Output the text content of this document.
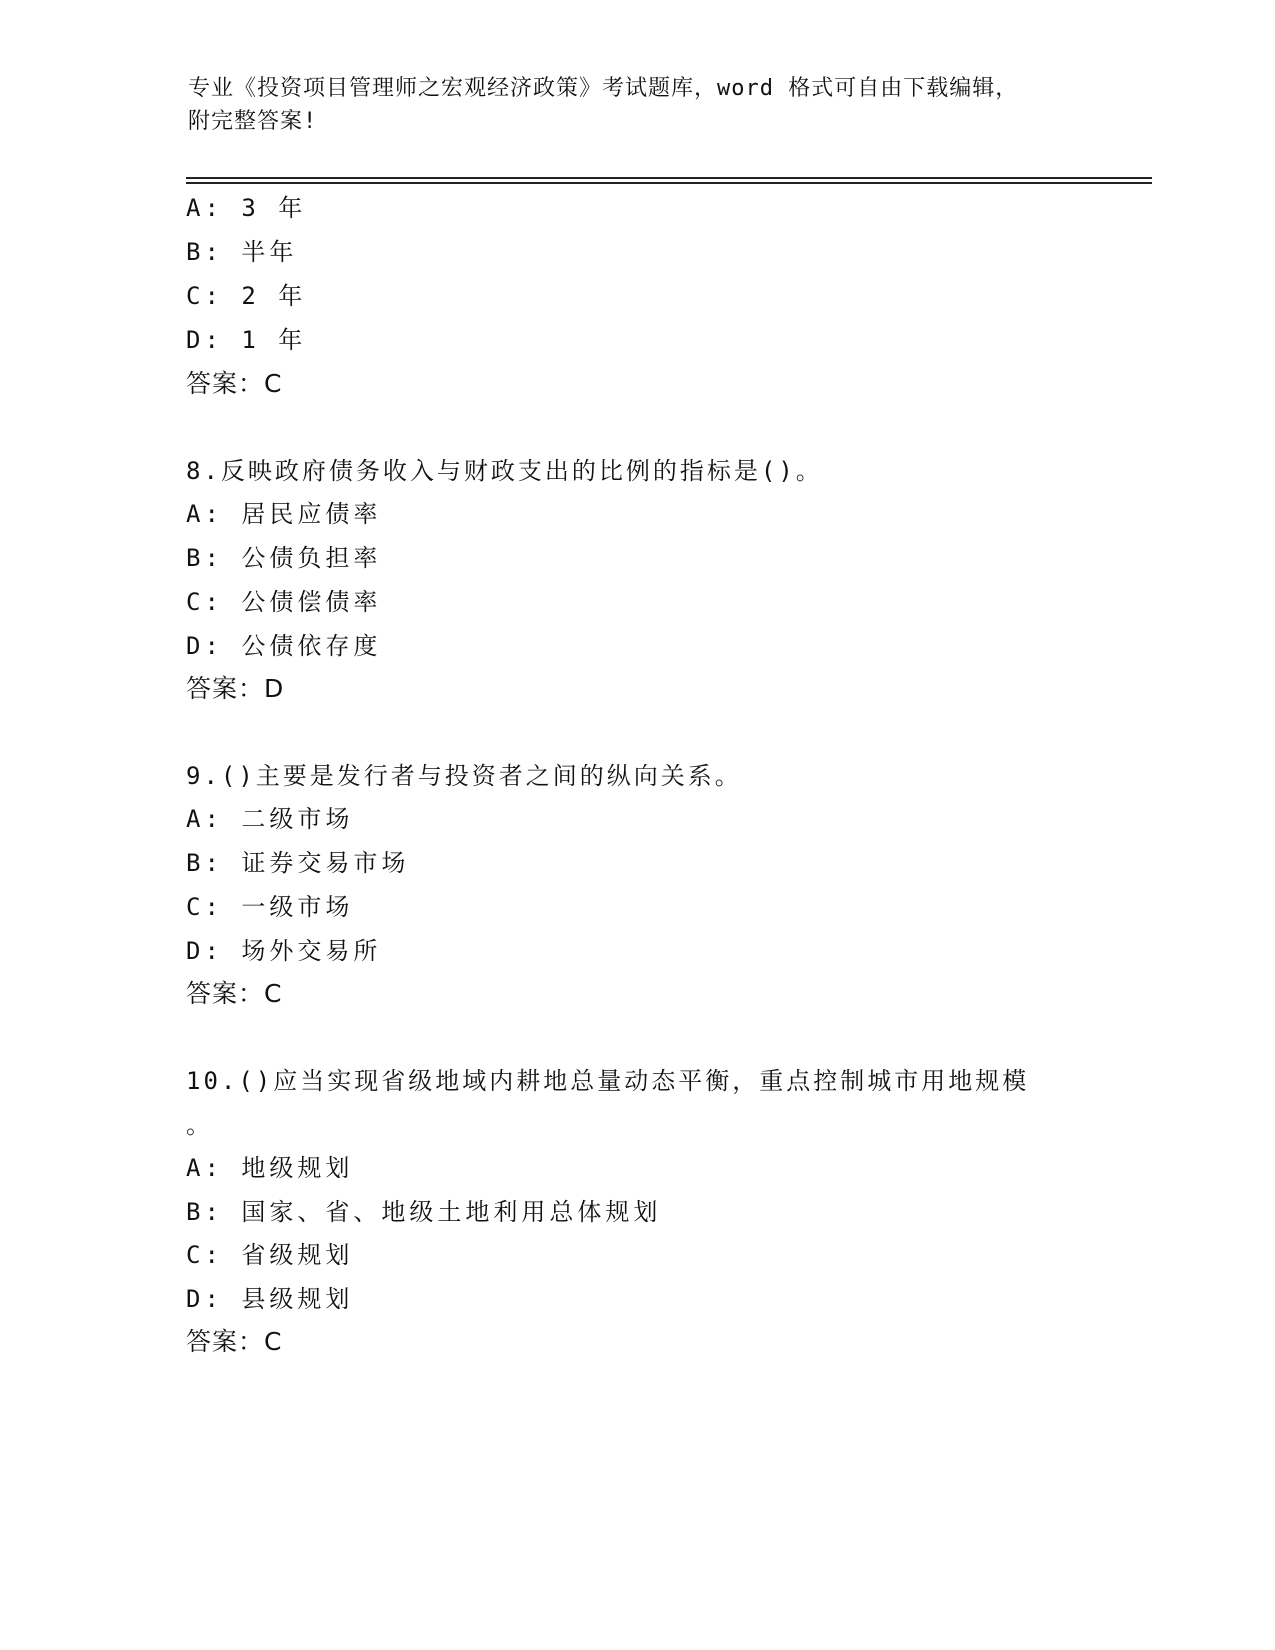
专业《投资项目管理师之宏观经济政策》考试题库，word 格式可自由下载编辑，
附完整答案!
A: 3 年
B: 半年
C: 2 年
D: 1 年
答案：C
8.反映政府债务收入与财政支出的比例的指标是()。
A: 居民应债率
B: 公债负担率
C: 公债偿债率
D: 公债依存度
答案：D
9.()主要是发行者与投资者之间的纵向关系。
A: 二级市场
B: 证券交易市场
C: 一级市场
D: 场外交易所
答案：C
10.()应当实现省级地域内耕地总量动态平衡，重点控制城市用地规模
。
A: 地级规划
B: 国家、省、地级土地利用总体规划
C: 省级规划
D: 县级规划
答案：C
